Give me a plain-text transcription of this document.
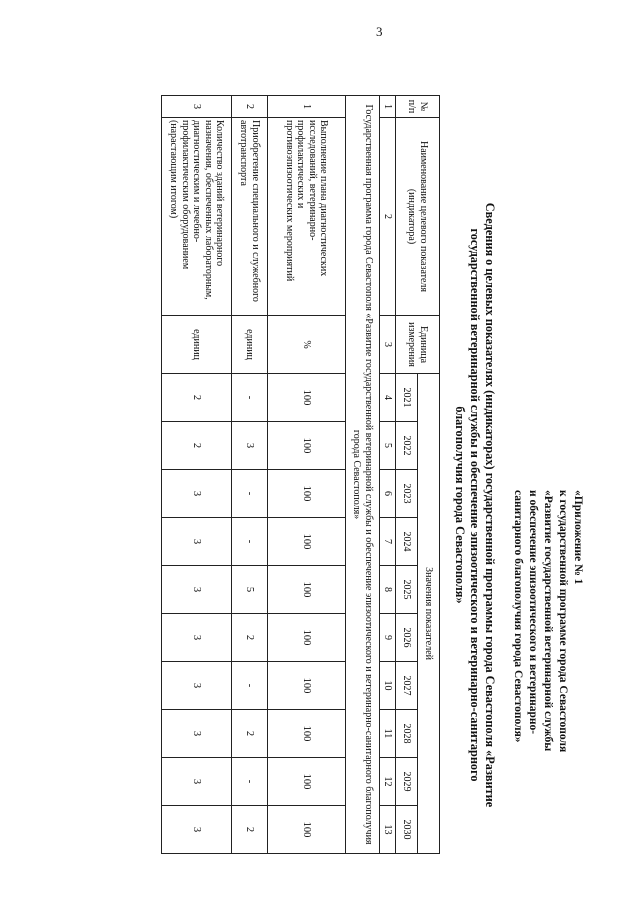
3
«Приложение № 1
к государственной программе города Севастополя
«Развитие государственной ветеринарной службы
и обеспечение эпизоотического и ветеринарно-
санитарного благополучия города Севастополя»
Сведения о целевых показателях (индикаторах) государственной программы города Севастополя «Развитие
государственной ветеринарной службы и обеспечение эпизоотического и ветеринарно-санитарного
благополучия города Севастополя»
№ п/п	Наименование целевого показателя (индикатора)	Единица измерения	Значения показателей									
			2021	2022	2023	2024	2025	2026	2027	2028	2029	2030
1	2	3	4	5	6	7	8	9	10	11	12	13
Государственная программа города Севастополя «Развитие государственной ветеринарной службы и обеспечение эпизоотического и ветеринарно-санитарного благополучия города Севастополя»												
1	Выполнение плана диагностических исследований, ветеринарно-профилактических и противоэпизоотических мероприятий	%	100	100	100	100	100	100	100	100	100	100
2	Приобретение специального и служебного автотранспорта	единиц	-	3	-	-	5	2	-	2	-	2
3	Количество зданий ветеринарного назначения, обеспеченных лабораторным, диагностическим и лечебно-профилактическим оборудованием (нарастающим итогом)	единиц	2	2	3	3	3	3	3	3	3	3
